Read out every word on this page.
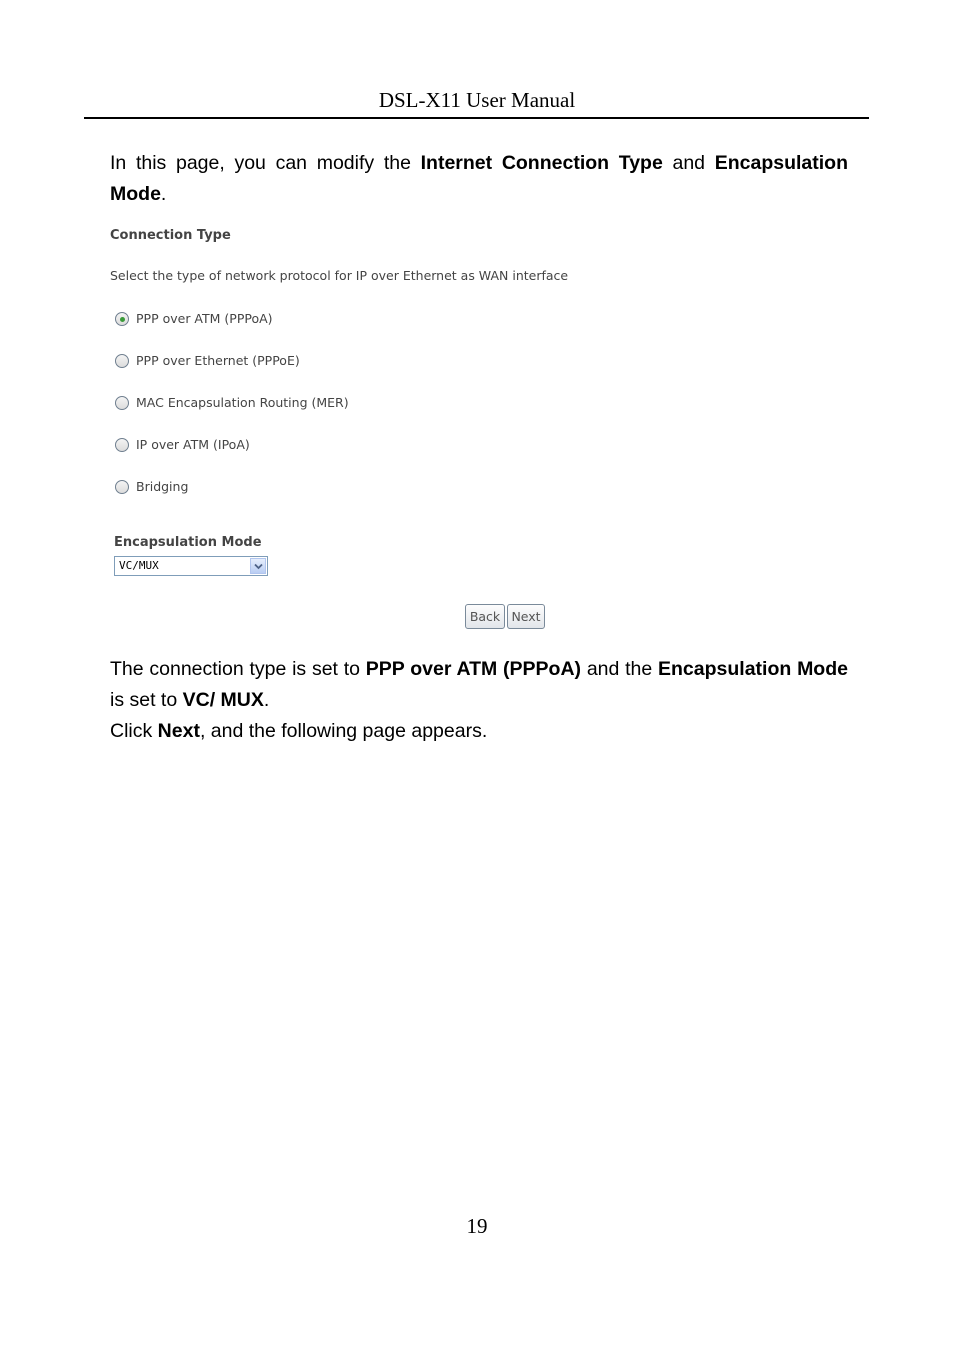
DSL-X11 User Manual

In this page, you can modify the Internet Connection Type and Encapsulation Mode.

Connection Type
Select the type of network protocol for IP over Ethernet as WAN interface
PPP over ATM (PPPoA)
PPP over Ethernet (PPPoE)
MAC Encapsulation Routing (MER)
IP over ATM (IPoA)
Bridging
Encapsulation Mode
VC/MUX
Back Next

The connection type is set to PPP over ATM (PPPoA) and the Encapsulation Mode is set to VC/ MUX.
Click Next, and the following page appears.

19
